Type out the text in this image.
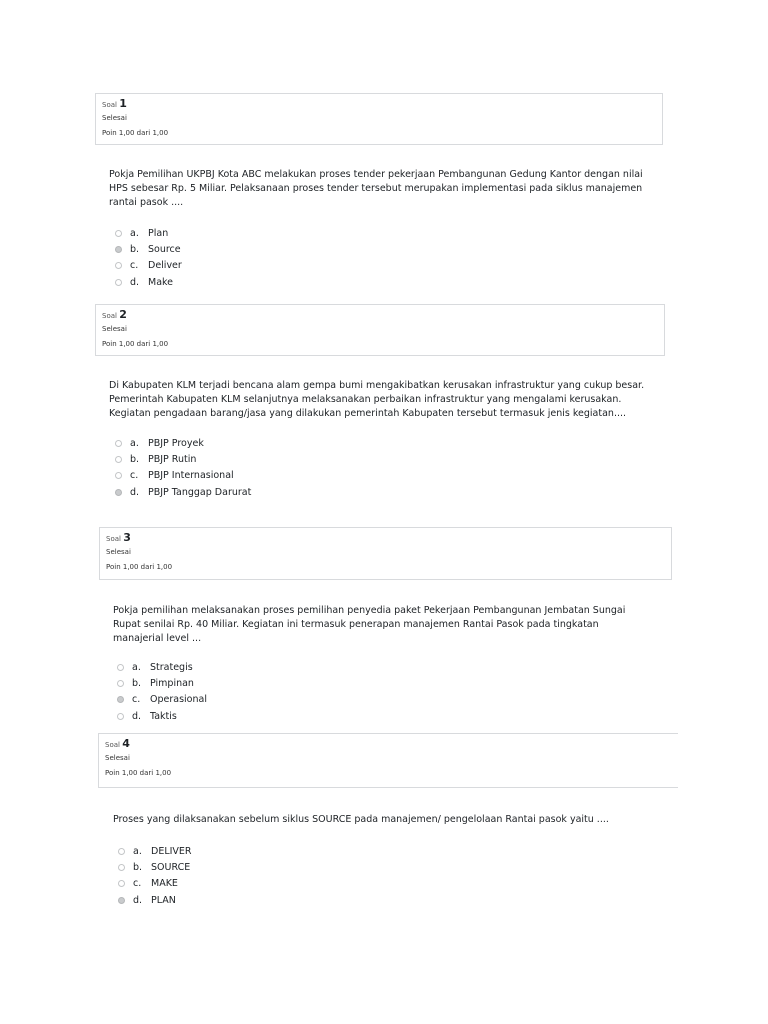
Soal 1
Selesai
Poin 1,00 dari 1,00
Pokja Pemilihan UKPBJ Kota ABC melakukan proses tender pekerjaan Pembangunan Gedung Kantor dengan nilai HPS sebesar Rp. 5 Miliar. Pelaksanaan proses tender tersebut merupakan implementasi pada siklus manajemen rantai pasok ....
a. Plan
b. Source
c.	Deliver
d. Make
Soal 2
Selesai
Poin 1,00 dari 1,00
Di Kabupaten KLM terjadi bencana alam gempa bumi mengakibatkan kerusakan infrastruktur yang cukup besar. Pemerintah Kabupaten KLM selanjutnya melaksanakan perbaikan infrastruktur yang mengalami kerusakan. Kegiatan pengadaan barang/jasa yang dilakukan pemerintah Kabupaten tersebut termasuk jenis kegiatan....
a. PBJP Proyek
b. PBJP Rutin
c.	PBJP Internasional
d. PBJP Tanggap Darurat
Soal 3
Selesai
Poin 1,00 dari 1,00
Pokja pemilihan melaksanakan proses pemilihan penyedia paket Pekerjaan Pembangunan Jembatan Sungai Rupat senilai Rp. 40 Miliar. Kegiatan ini termasuk penerapan manajemen Rantai Pasok pada tingkatan manajerial level ...
a. Strategis
b. Pimpinan
c.	Operasional
d. Taktis
Soal 4
Selesai
Poin 1,00 dari 1,00
Proses yang dilaksanakan sebelum siklus SOURCE pada manajemen/ pengelolaan Rantai pasok yaitu ....
a. DELIVER
b. SOURCE
c.	MAKE
d. PLAN
